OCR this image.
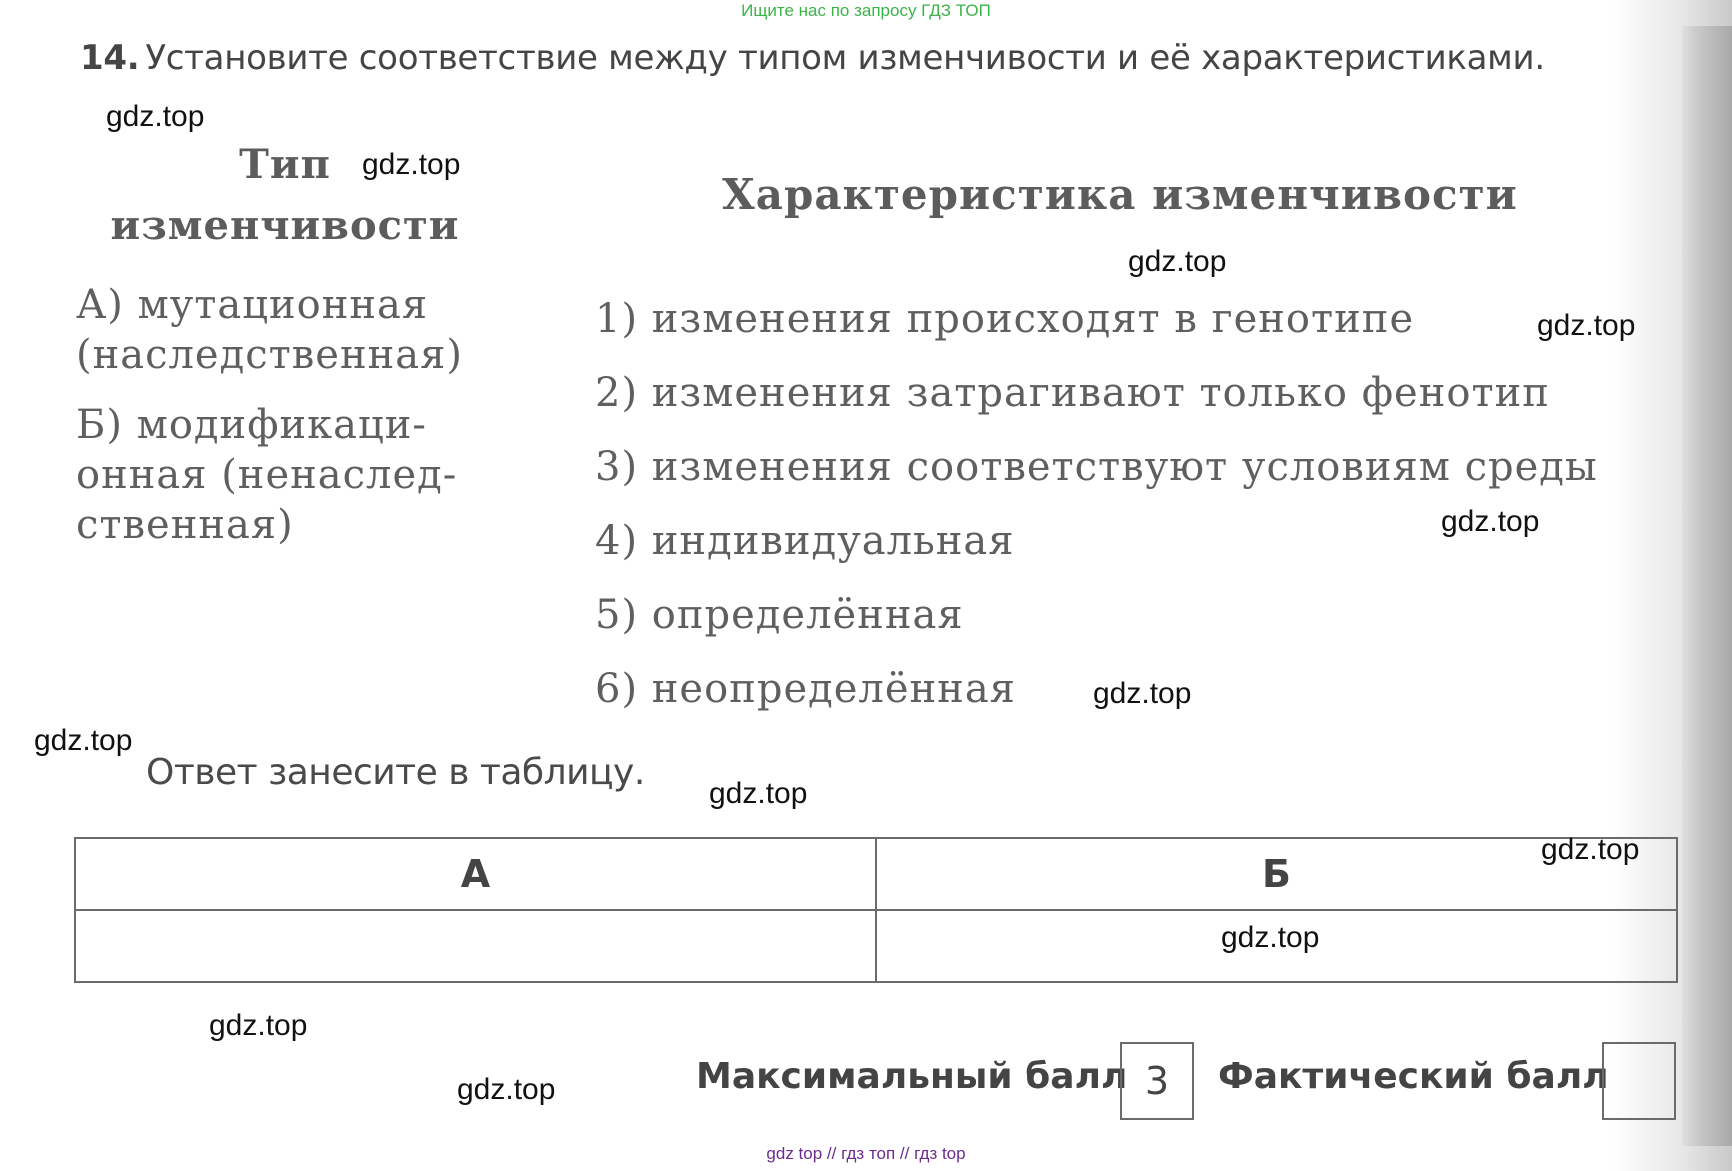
Ищите нас по запросу ГДЗ ТОП
14. Установите соответствие между типом изменчивости и её характеристиками.
Тип
изменчивости
Характеристика изменчивости
А) мутационная
(наследственная)
Б) модификаци-
онная (ненаслед-
ственная)
1) изменения происходят в генотипе
2) изменения затрагивают только фенотип
3) изменения соответствуют условиям среды
4) индивидуальная
5) определённая
6) неопределённая
Ответ занесите в таблицу.
А	Б

Максимальный балл 3	Фактический балл
gdz.top
gdz.top
gdz.top
gdz.top
gdz.top
gdz.top
gdz.top
gdz.top
gdz.top
gdz.top
gdz.top
gdz.top
gdz top // гдз топ // гдз top
